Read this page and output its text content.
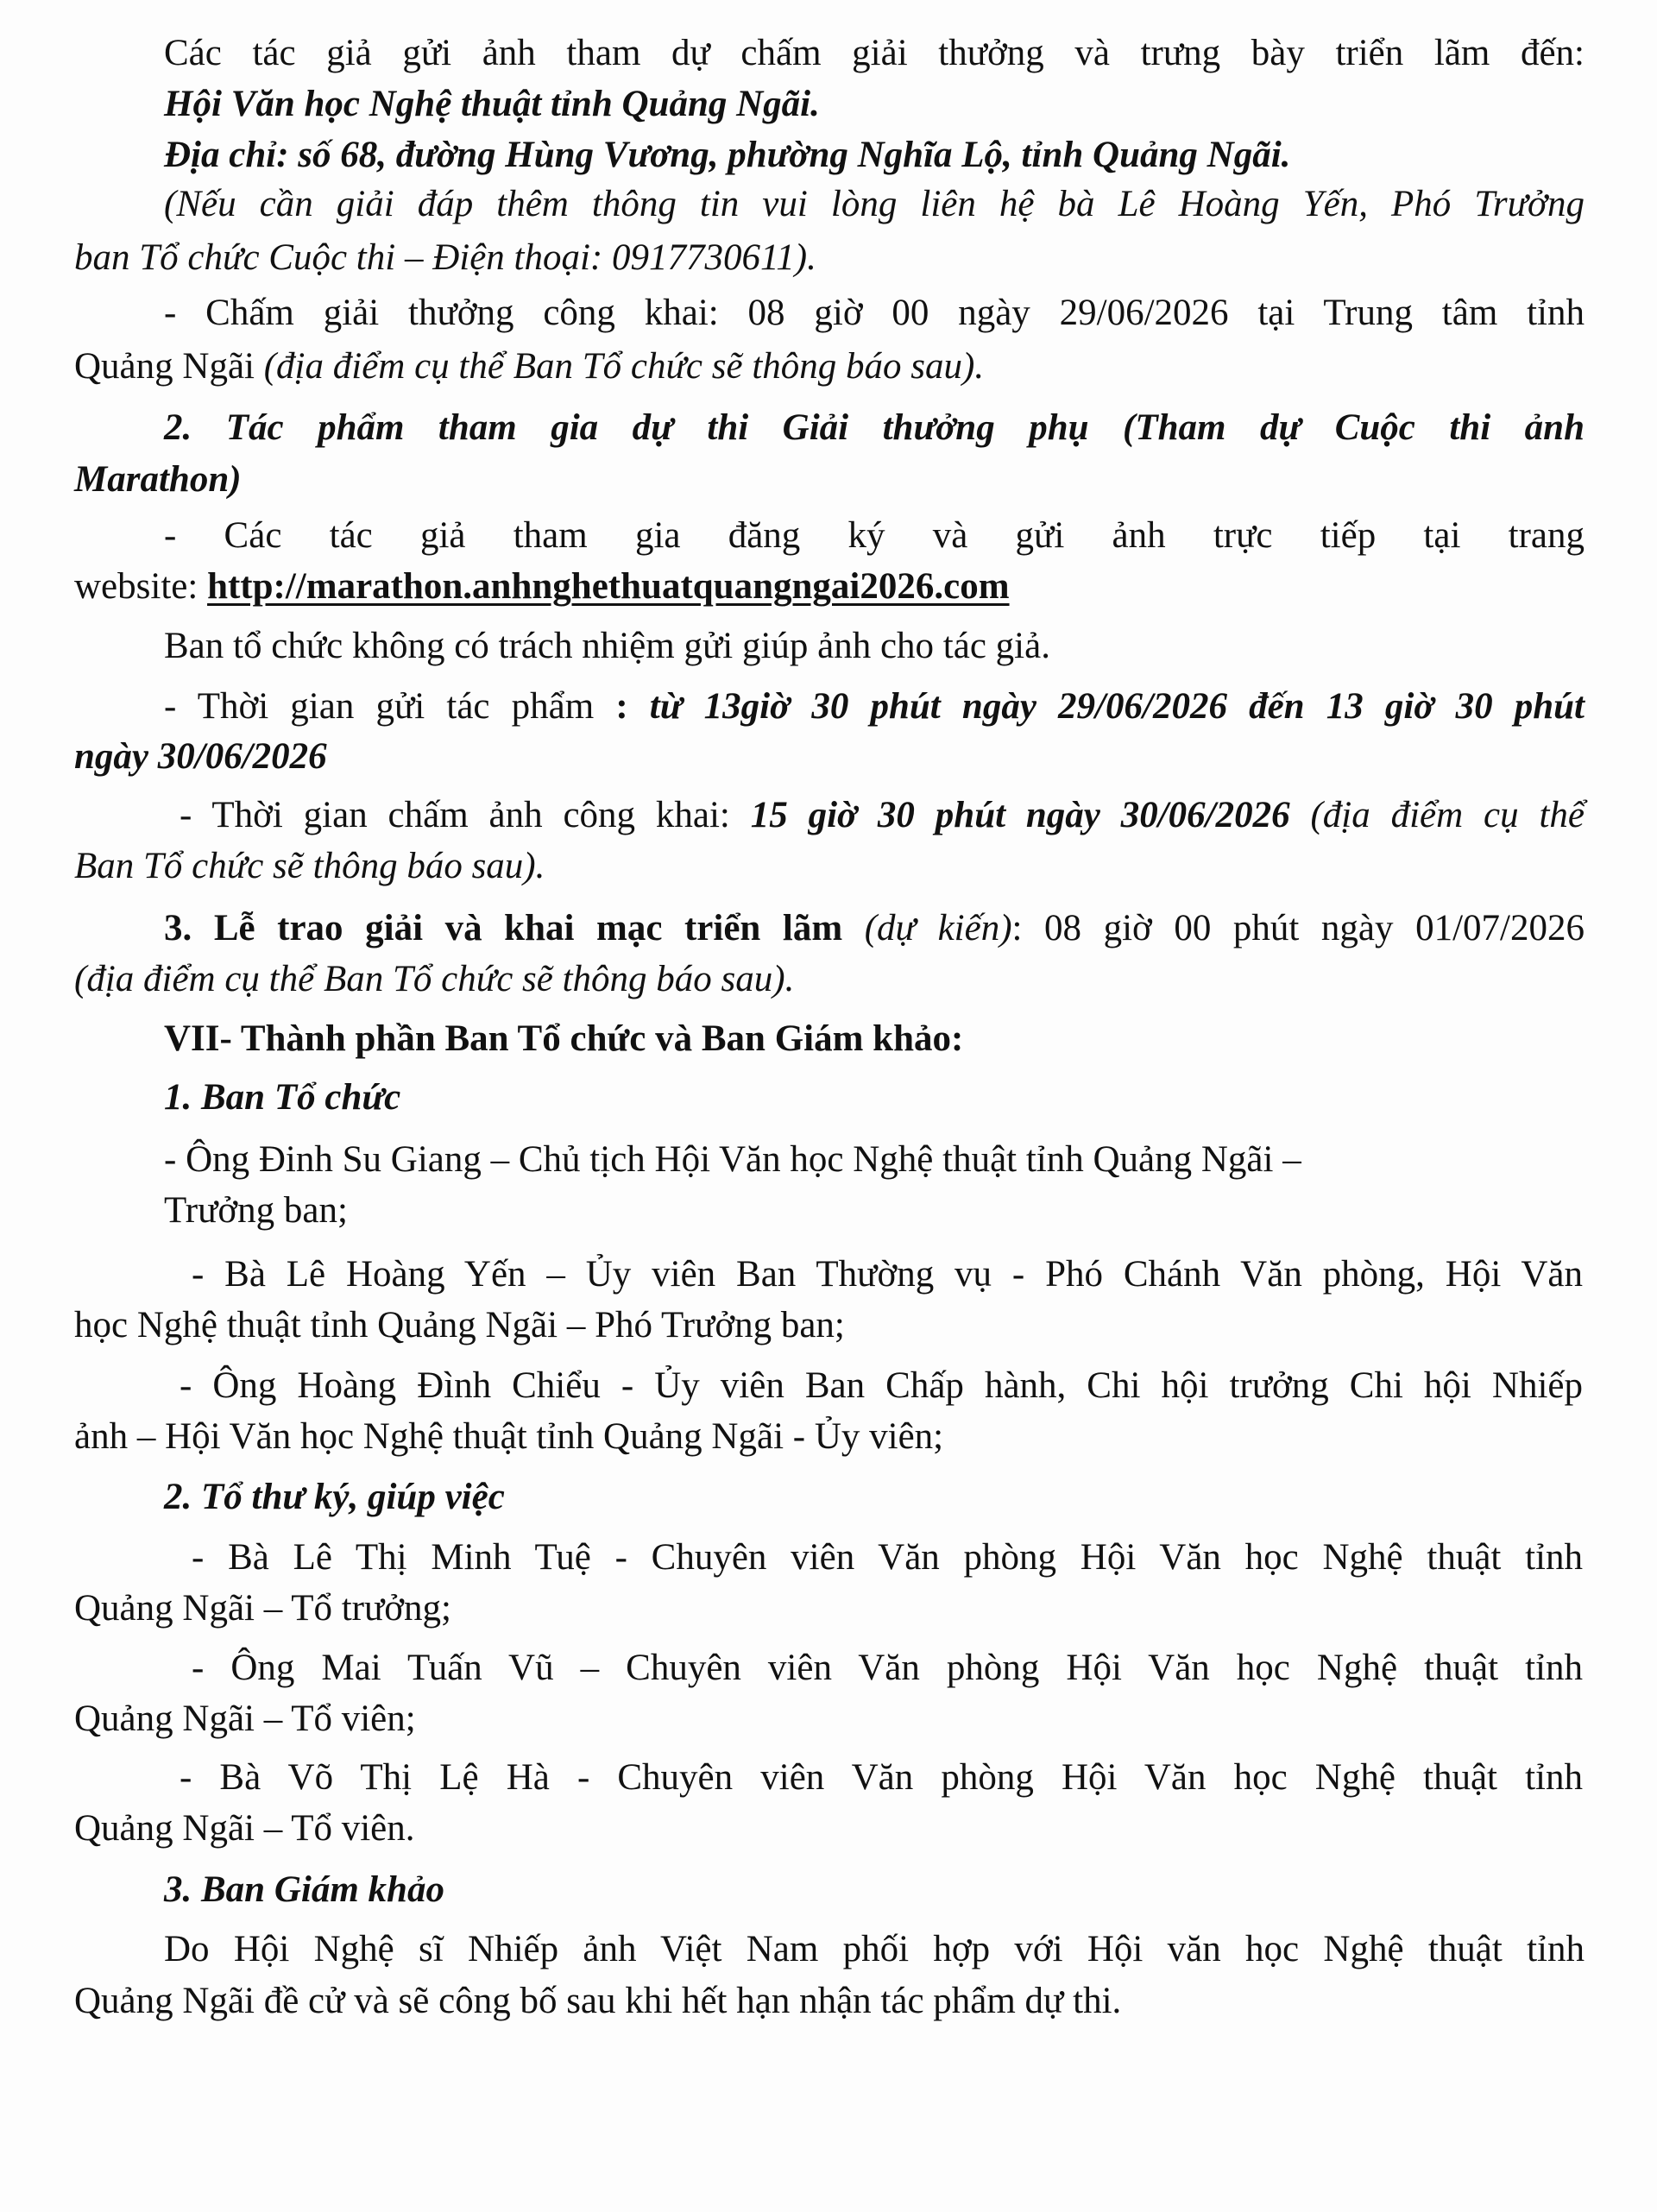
Các tác giả gửi ảnh tham dự chấm giải thưởng và trưng bày triển lãm đến:
Hội Văn học Nghệ thuật tỉnh Quảng Ngãi.
Địa chỉ: số 68, đường Hùng Vương, phường Nghĩa Lộ, tỉnh Quảng Ngãi.
(Nếu cần giải đáp thêm thông tin vui lòng liên hệ bà Lê Hoàng Yến, Phó Trưởng
ban Tổ chức Cuộc thi – Điện thoại: 0917730611).
- Chấm giải thưởng công khai: 08 giờ 00 ngày 29/06/2026 tại Trung tâm tỉnh
Quảng Ngãi (địa điểm cụ thể Ban Tổ chức sẽ thông báo sau).
2. Tác phẩm tham gia dự thi Giải thưởng phụ (Tham dự Cuộc thi ảnh
Marathon)
- Các tác giả tham gia đăng ký và gửi ảnh trực tiếp tại trang
website: http://marathon.anhnghethuatquangngai2026.com
Ban tổ chức không có trách nhiệm gửi giúp ảnh cho tác giả.
- Thời gian gửi tác phẩm : từ 13giờ 30 phút ngày 29/06/2026 đến 13 giờ 30 phút
ngày 30/06/2026
- Thời gian chấm ảnh công khai: 15 giờ 30 phút ngày 30/06/2026 (địa điểm cụ thể
Ban Tổ chức sẽ thông báo sau).
3. Lễ trao giải và khai mạc triển lãm (dự kiến): 08 giờ 00 phút ngày 01/07/2026
(địa điểm cụ thể Ban Tổ chức sẽ thông báo sau).
VII- Thành phần Ban Tổ chức và Ban Giám khảo:
1. Ban Tổ chức
- Ông Đinh Su Giang – Chủ tịch Hội Văn học Nghệ thuật tỉnh Quảng Ngãi –
Trưởng ban;
- Bà Lê Hoàng Yến – Ủy viên Ban Thường vụ - Phó Chánh Văn phòng, Hội Văn
học Nghệ thuật tỉnh Quảng Ngãi – Phó Trưởng ban;
- Ông Hoàng Đình Chiểu - Ủy viên Ban Chấp hành, Chi hội trưởng Chi hội Nhiếp
ảnh – Hội Văn học Nghệ thuật tỉnh Quảng Ngãi - Ủy viên;
2. Tổ thư ký, giúp việc
- Bà Lê Thị Minh Tuệ - Chuyên viên Văn phòng Hội Văn học Nghệ thuật tỉnh
Quảng Ngãi – Tổ trưởng;
- Ông Mai Tuấn Vũ – Chuyên viên Văn phòng Hội Văn học Nghệ thuật tỉnh
Quảng Ngãi – Tổ viên;
- Bà Võ Thị Lệ Hà - Chuyên viên Văn phòng Hội Văn học Nghệ thuật tỉnh
Quảng Ngãi – Tổ viên.
3. Ban Giám khảo
Do Hội Nghệ sĩ Nhiếp ảnh Việt Nam phối hợp với Hội văn học Nghệ thuật tỉnh
Quảng Ngãi đề cử và sẽ công bố sau khi hết hạn nhận tác phẩm dự thi.
